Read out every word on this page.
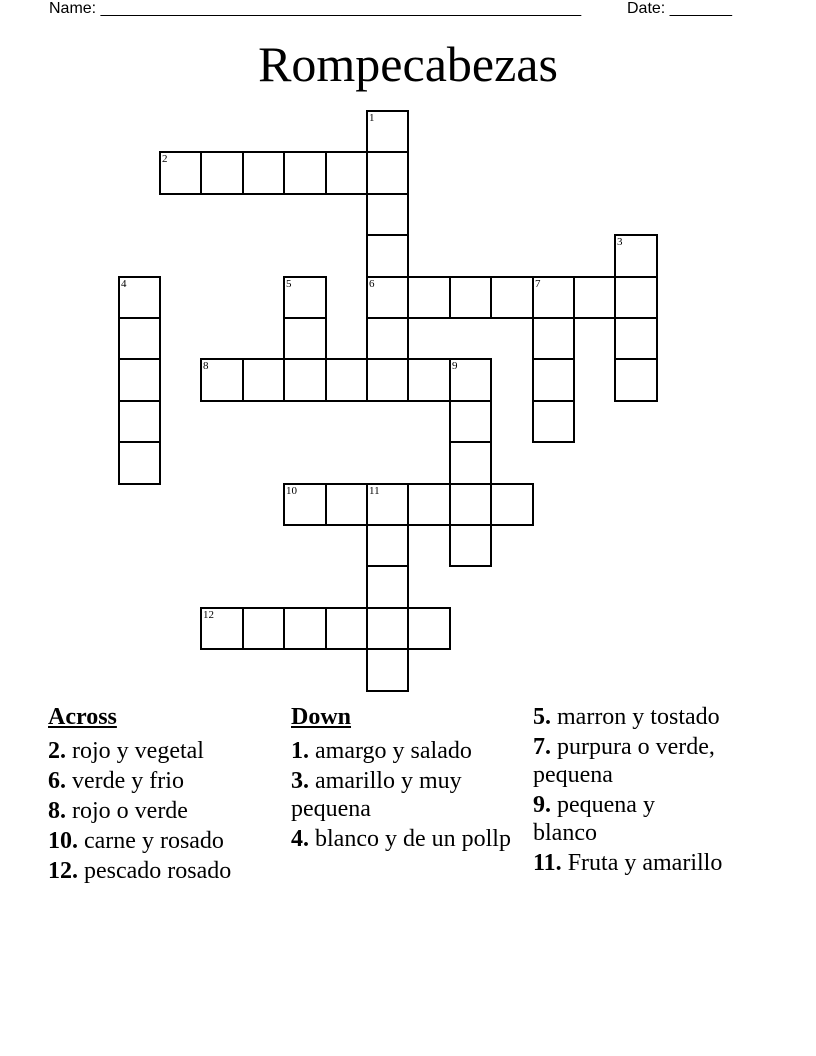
Name: ______________________________________________________	Date: _______
Rompecabezas
1
6
2
3
4	5	7
8	9
10	11
12
Across
2. rojo y vegetal
6. verde y frio
8. rojo o verde
10. carne y rosado
12. pescado rosado
Down
1. amargo y salado
3. amarillo y muy pequena
4. blanco y de un pollp
5. marron y tostado
7. purpura o verde, pequena
9. pequena y blanco
11. Fruta y amarillo
